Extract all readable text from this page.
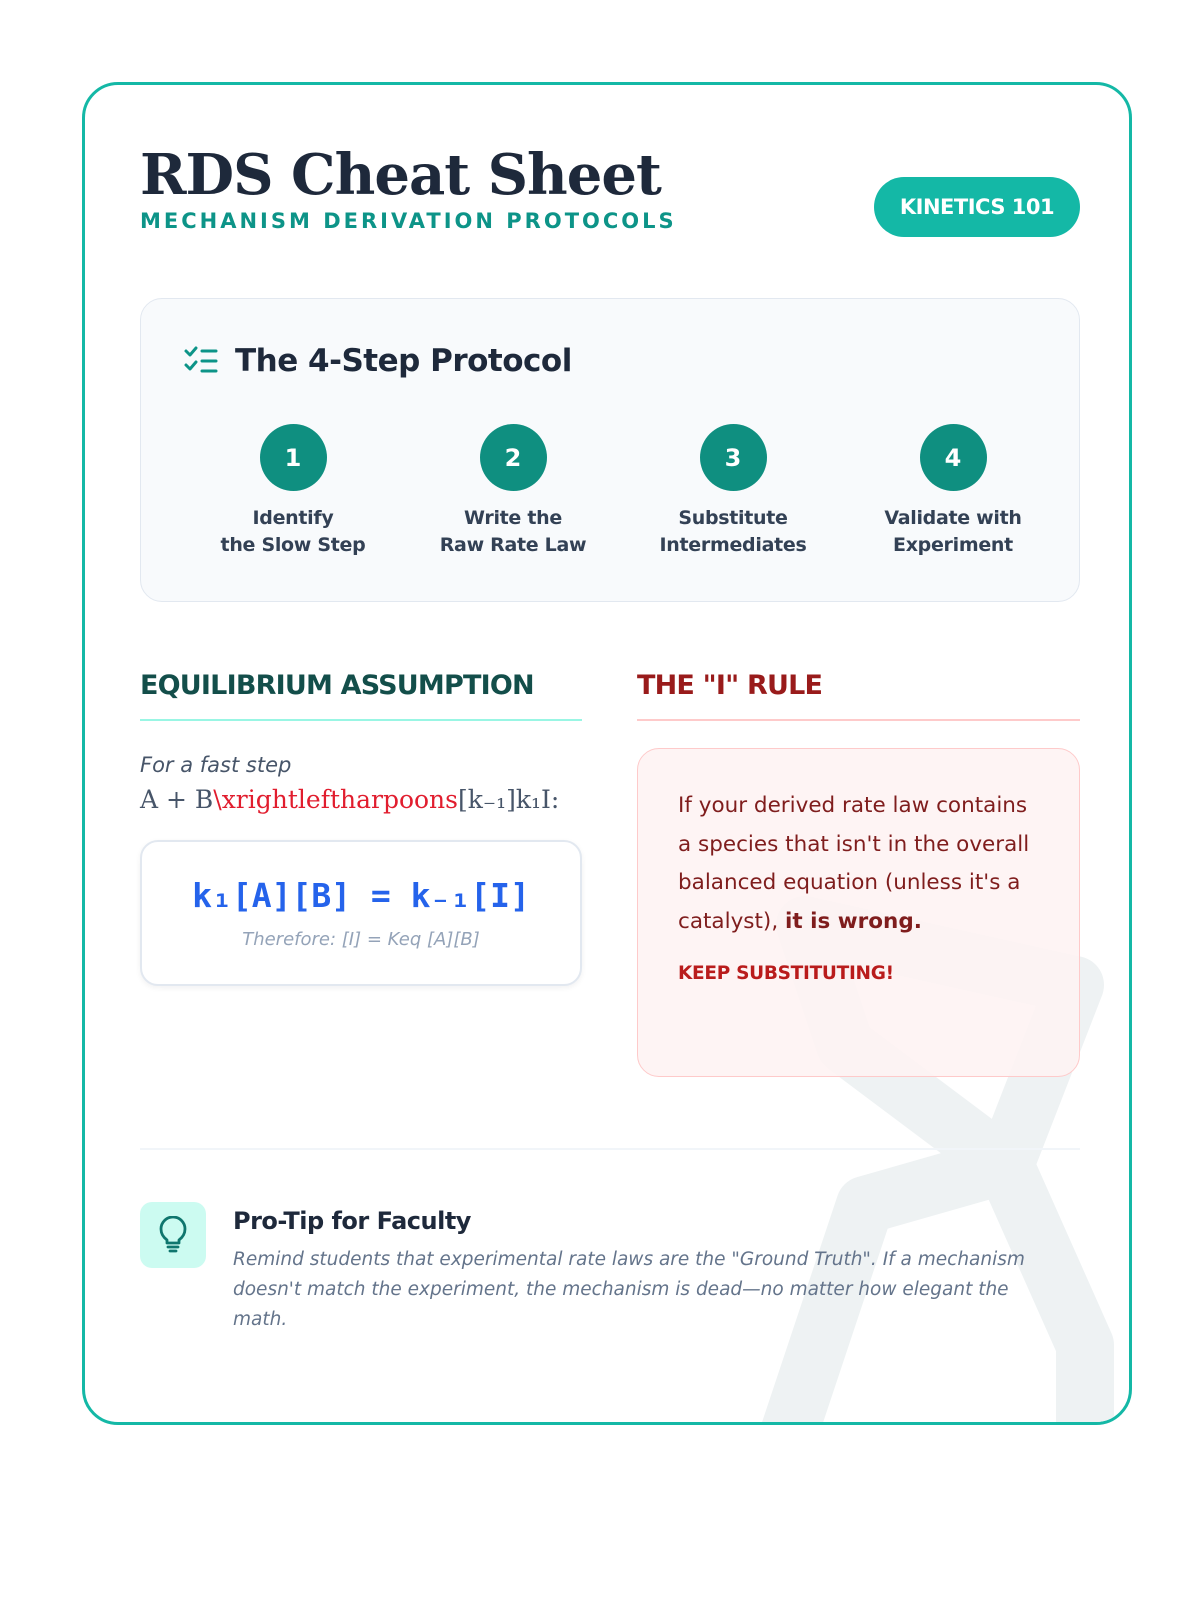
RDS Cheat Sheet
MECHANISM DERIVATION PROTOCOLS
KINETICS 101
The 4-Step Protocol
1
Identify
the Slow Step
2
Write the
Raw Rate Law
3
Substitute
Intermediates
4
Validate with
Experiment
EQUILIBRIUM ASSUMPTION
For a fast step
A + B\xrightleftharpoons[k₋₁]k₁I:
k₁[A][B] = k₋₁[I]
Therefore: [I] = Keq [A][B]
THE "I" RULE
If your derived rate law contains a species that isn't in the overall balanced equation (unless it's a catalyst), it is wrong.
KEEP SUBSTITUTING!
Pro-Tip for Faculty
Remind students that experimental rate laws are the "Ground Truth". If a mechanism doesn't match the experiment, the mechanism is dead—no matter how elegant the math.
